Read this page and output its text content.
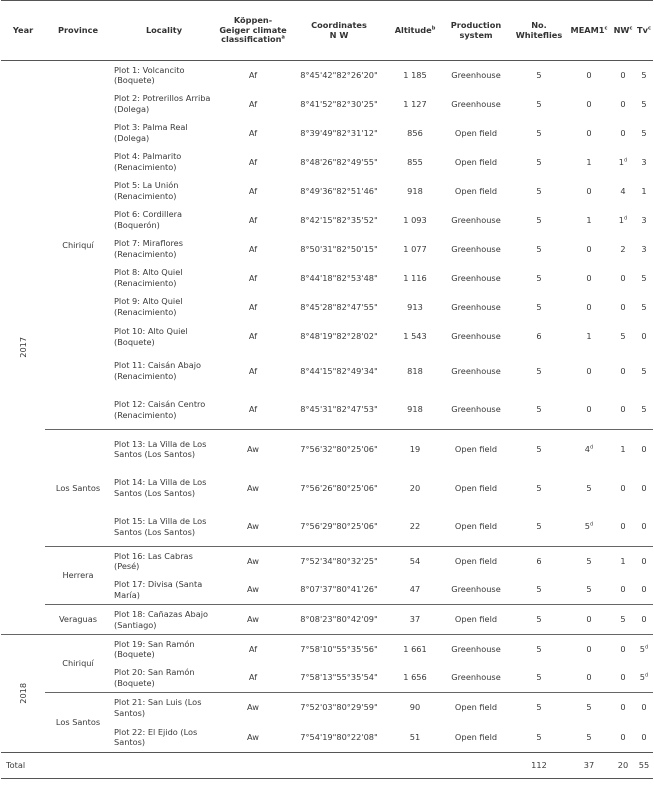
Year	Province	Locality	Köppen-Geiger climate classification$^a$	Coordinates
N W	Altitude$^b$	Production system	No. Whiteflies	MEAM1$^c$	$NW^c$	Tv$^c$
2017	Chiriquí	Plot 1: Volcancito (Boquete)	Af	8°45'42"82°26'20"	1 185	Greenhouse	5	0	0	5
		Plot 2: Potrerillos Arriba (Dolega)	Af	8°41'52"82°30'25"	1 127	Greenhouse	5	0	0	5
		Plot 3: Palma Real (Dolega)	Af	8°39'49"82°31'12"	856	Open field	5	0	0	5
		Plot 4: Palmarito (Renacimiento)	Af	8°48'26"82°49'55"	855	Open field	5	1	1$^d$	3
		Plot 5: La Unión (Renacimiento)	Af	8°49'36"82°51'46"	918	Open field	5	0	4	1
		Plot 6: Cordillera (Boquerón)	Af	8°42'15"82°35'52"	1 093	Greenhouse	5	1	1$^d$	3
		Plot 7: Miraflores (Renacimiento)	Af	8°50'31"82°50'15"	1 077	Greenhouse	5	0	2	3
		Plot 8: Alto Quiel (Renacimiento)	Af	8°44'18"82°53'48"	1 116	Greenhouse	5	0	0	5
		Plot 9: Alto Quiel (Renacimiento)	Af	8°45'28"82°47'55"	913	Greenhouse	5	0	0	5
		Plot 10: Alto Quiel (Boquete)	Af	8°48'19"82°28'02"	1 543	Greenhouse	6	1	5	0
		Plot 11: Caisán Abajo (Renacimiento)	Af	8°44'15"82°49'34"	818	Greenhouse	5	0	0	5
		Plot 12: Caisán Centro (Renacimiento)	Af	8°45'31"82°47'53"	918	Greenhouse	5	0	0	5
	Los Santos	Plot 13: La Villa de Los Santos (Los Santos)	Aw	7°56'32"80°25'06"	19	Open field	5	4$^d$	1	0
		Plot 14: La Villa de Los Santos (Los Santos)	Aw	7°56'26"80°25'06"	20	Open field	5	5	0	0
		Plot 15: La Villa de Los Santos (Los Santos)	Aw	7°56'29"80°25'06"	22	Open field	5	5$^d$	0	0
	Herrera	Plot 16: Las Cabras (Pesé)	Aw	7°52'34"80°32'25"	54	Open field	6	5	1	0
		Plot 17: Divisa (Santa María)	Aw	8°07'37"80°41'26"	47	Greenhouse	5	5	0	0
	Veraguas	Plot 18: Cañazas Abajo (Santiago)	Aw	8°08'23"80°42'09"	37	Open field	5	0	5	0
2018	Chiriquí	Plot 19: San Ramón (Boquete)	Af	7°58'10"55°35'56"	1 661	Greenhouse	5	0	0	5$^d$
		Plot 20: San Ramón (Boquete)	Af	7°58'13"55°35'54"	1 656	Greenhouse	5	0	0	5$^d$
	Los Santos	Plot 21: San Luis (Los Santos)	Aw	7°52'03"80°29'59"	90	Open field	5	5	0	0
		Plot 22: El Ejido (Los Santos)	Aw	7°54'19"80°22'08"	51	Open field	5	5	0	0
Total							112	37	20	55
